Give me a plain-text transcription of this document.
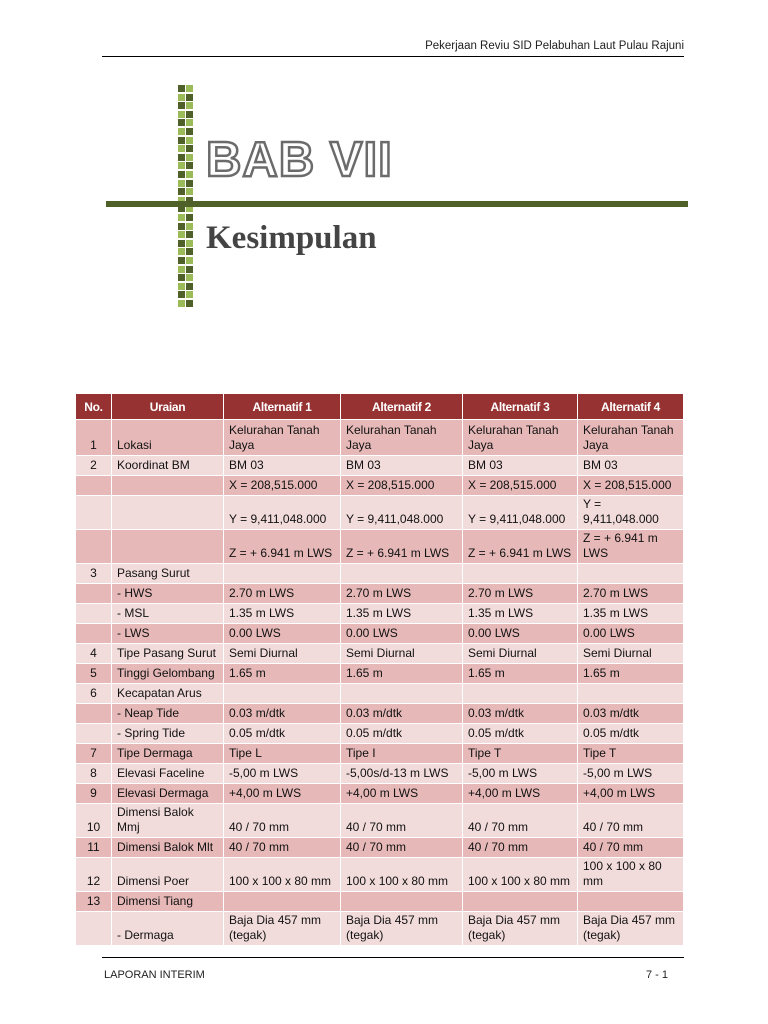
Pekerjaan Reviu SID Pelabuhan Laut Pulau Rajuni
BAB VII
Kesimpulan
No.	Uraian	Alternatif 1	Alternatif 2	Alternatif 3	Alternatif 4
1	Lokasi	Kelurahan Tanah Jaya	Kelurahan Tanah Jaya	Kelurahan Tanah Jaya	Kelurahan Tanah Jaya
2	Koordinat BM	BM 03	BM 03	BM 03	BM 03
		X = 208,515.000	X = 208,515.000	X = 208,515.000	X = 208,515.000
		Y = 9,411,048.000	Y = 9,411,048.000	Y = 9,411,048.000	Y = 9,411,048.000
		Z = + 6.941 m LWS	Z = + 6.941 m LWS	Z = + 6.941 m LWS	Z = + 6.941 m LWS
3	Pasang Surut				
	- HWS	2.70 m LWS	2.70 m LWS	2.70 m LWS	2.70 m LWS
	- MSL	1.35 m LWS	1.35 m LWS	1.35 m LWS	1.35 m LWS
	- LWS	0.00 LWS	0.00 LWS	0.00 LWS	0.00 LWS
4	Tipe Pasang Surut	Semi Diurnal	Semi Diurnal	Semi Diurnal	Semi Diurnal
5	Tinggi Gelombang	1.65 m	1.65 m	1.65 m	1.65 m
6	Kecapatan Arus				
	- Neap Tide	0.03 m/dtk	0.03 m/dtk	0.03 m/dtk	0.03 m/dtk
	- Spring Tide	0.05 m/dtk	0.05 m/dtk	0.05 m/dtk	0.05 m/dtk
7	Tipe Dermaga	Tipe L	Tipe I	Tipe T	Tipe T
8	Elevasi Faceline	-5,00 m LWS	-5,00s/d-13 m LWS	-5,00 m LWS	-5,00 m LWS
9	Elevasi Dermaga	+4,00 m LWS	+4,00 m LWS	+4,00 m LWS	+4,00 m LWS
10	Dimensi Balok Mmj	40 / 70 mm	40 / 70 mm	40 / 70 mm	40 / 70 mm
11	Dimensi Balok Mlt	40 / 70 mm	40 / 70 mm	40 / 70 mm	40 / 70 mm
12	Dimensi Poer	100 x 100 x 80 mm	100 x 100 x 80 mm	100 x 100 x 80 mm	100 x 100 x 80 mm
13	Dimensi Tiang				
	- Dermaga	Baja Dia 457 mm (tegak)	Baja Dia 457 mm (tegak)	Baja Dia 457 mm (tegak)	Baja Dia 457 mm (tegak)
LAPORAN INTERIM	7 - 1
